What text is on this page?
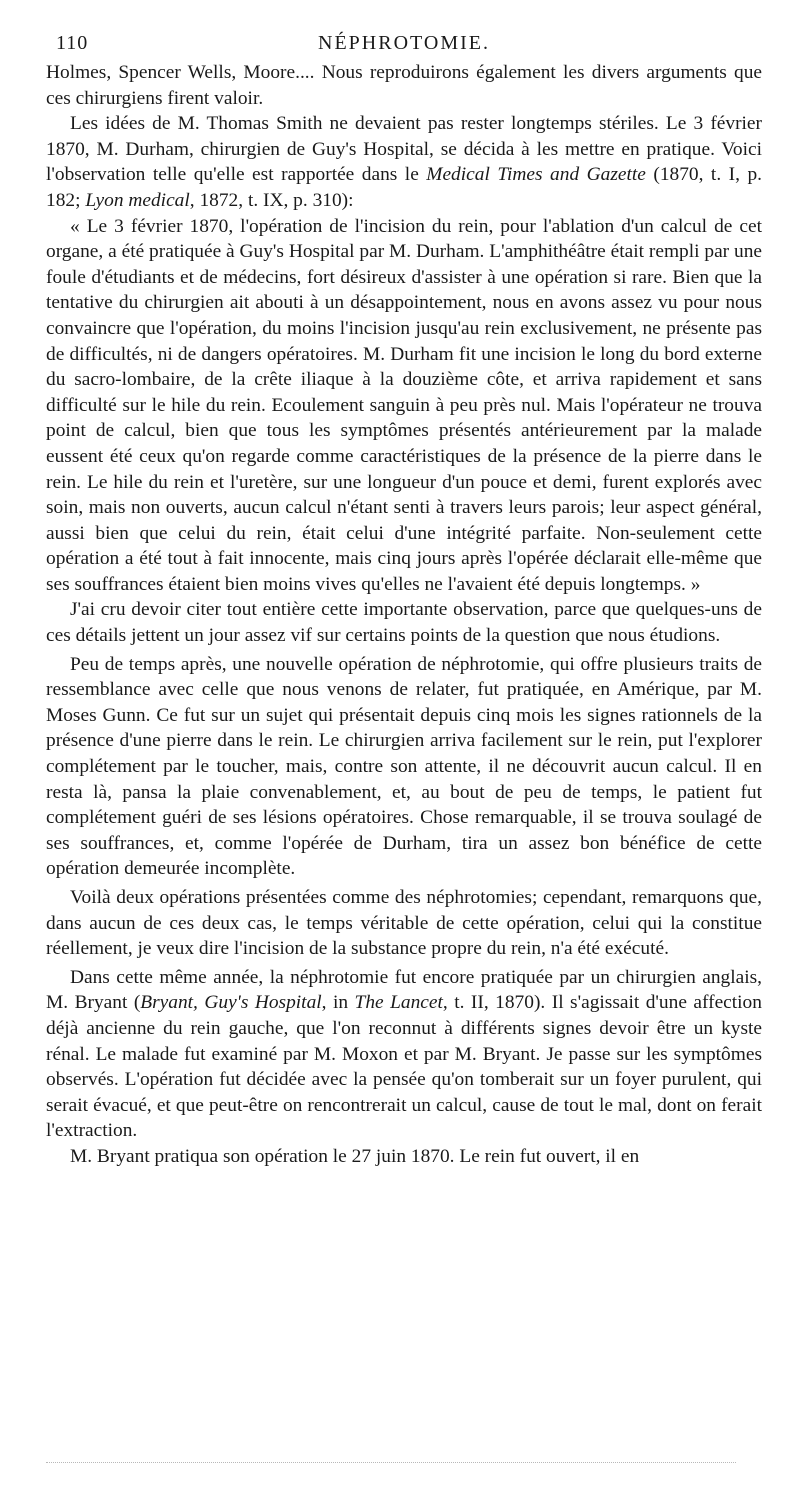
110	NÉPHROTOMIE.

Holmes, Spencer Wells, Moore.... Nous reproduirons également les divers arguments que ces chirurgiens firent valoir.

Les idées de M. Thomas Smith ne devaient pas rester longtemps stériles. Le 3 février 1870, M. Durham, chirurgien de Guy's Hospital, se décida à les mettre en pratique. Voici l'observation telle qu'elle est rapportée dans le Medical Times and Gazette (1870, t. I, p. 182; Lyon medical, 1872, t. IX, p. 310):

« Le 3 février 1870, l'opération de l'incision du rein, pour l'ablation d'un calcul de cet organe, a été pratiquée à Guy's Hospital par M. Durham. L'amphithéâtre était rempli par une foule d'étudiants et de médecins, fort désireux d'assister à une opération si rare. Bien que la tentative du chirurgien ait abouti à un désappointement, nous en avons assez vu pour nous convaincre que l'opération, du moins l'incision jusqu'au rein exclusivement, ne présente pas de difficultés, ni de dangers opératoires. M. Durham fit une incision le long du bord externe du sacro-lombaire, de la crête iliaque à la douzième côte, et arriva rapidement et sans difficulté sur le hile du rein. Ecoulement sanguin à peu près nul. Mais l'opérateur ne trouva point de calcul, bien que tous les symptômes présentés antérieurement par la malade eussent été ceux qu'on regarde comme caractéristiques de la présence de la pierre dans le rein. Le hile du rein et l'uretère, sur une longueur d'un pouce et demi, furent explorés avec soin, mais non ouverts, aucun calcul n'étant senti à travers leurs parois; leur aspect général, aussi bien que celui du rein, était celui d'une intégrité parfaite. Non-seulement cette opération a été tout à fait innocente, mais cinq jours après l'opérée déclarait elle-même que ses souffrances étaient bien moins vives qu'elles ne l'avaient été depuis longtemps. »

J'ai cru devoir citer tout entière cette importante observation, parce que quelques-uns de ces détails jettent un jour assez vif sur certains points de la question que nous étudions.

Peu de temps après, une nouvelle opération de néphrotomie, qui offre plusieurs traits de ressemblance avec celle que nous venons de relater, fut pratiquée, en Amérique, par M. Moses Gunn. Ce fut sur un sujet qui présentait depuis cinq mois les signes rationnels de la présence d'une pierre dans le rein. Le chirurgien arriva facilement sur le rein, put l'explorer complétement par le toucher, mais, contre son attente, il ne découvrit aucun calcul. Il en resta là, pansa la plaie convenablement, et, au bout de peu de temps, le patient fut complétement guéri de ses lésions opératoires. Chose remarquable, il se trouva soulagé de ses souffrances, et, comme l'opérée de Durham, tira un assez bon bénéfice de cette opération demeurée incomplète.

Voilà deux opérations présentées comme des néphrotomies; cependant, remarquons que, dans aucun de ces deux cas, le temps véritable de cette opération, celui qui la constitue réellement, je veux dire l'incision de la substance propre du rein, n'a été exécuté.

Dans cette même année, la néphrotomie fut encore pratiquée par un chirurgien anglais, M. Bryant (Bryant, Guy's Hospital, in The Lancet, t. II, 1870). Il s'agissait d'une affection déjà ancienne du rein gauche, que l'on reconnut à différents signes devoir être un kyste rénal. Le malade fut examiné par M. Moxon et par M. Bryant. Je passe sur les symptômes observés. L'opération fut décidée avec la pensée qu'on tomberait sur un foyer purulent, qui serait évacué, et que peut-être on rencontrerait un calcul, cause de tout le mal, dont on ferait l'extraction.

M. Bryant pratiqua son opération le 27 juin 1870. Le rein fut ouvert, il en
